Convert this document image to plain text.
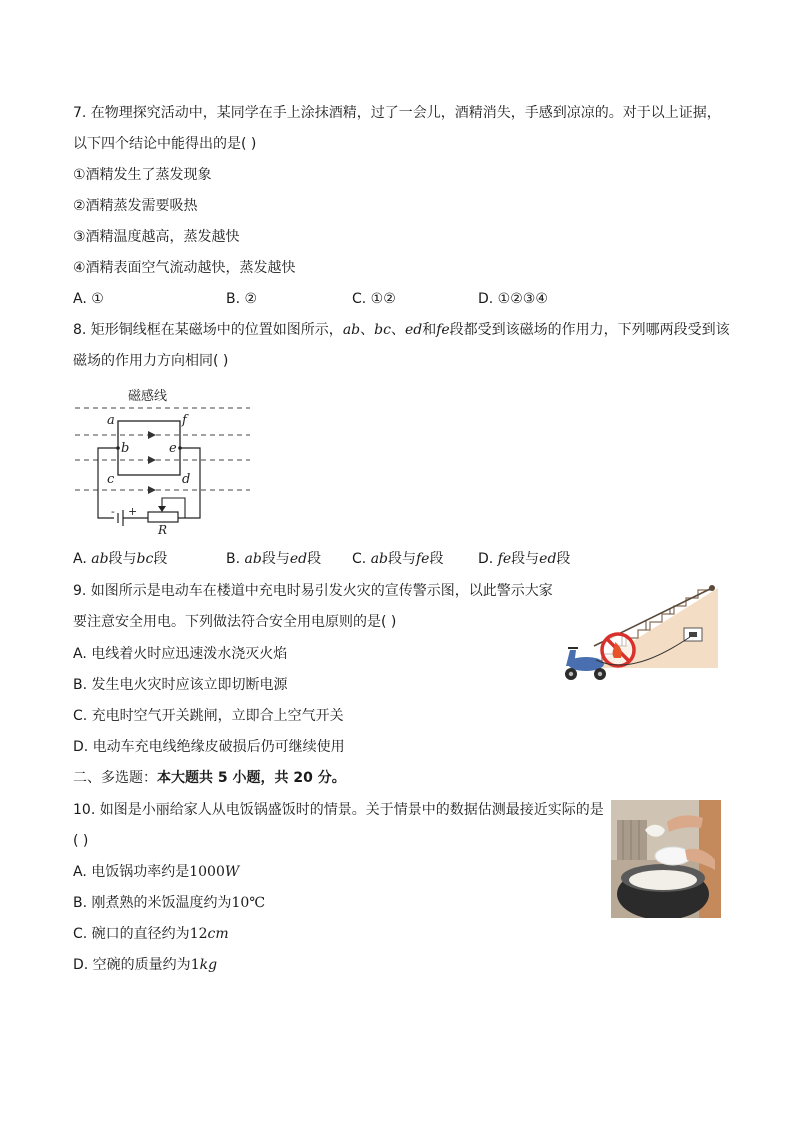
7. 在物理探究活动中，某同学在手上涂抹酒精，过了一会儿，酒精消失，手感到凉凉的。对于以上证据，
以下四个结论中能得出的是( )
①酒精发生了蒸发现象
②酒精蒸发需要吸热
③酒精温度越高，蒸发越快
④酒精表面空气流动越快，蒸发越快
A. ①	B. ②	C. ①②	D. ①②③④
8. 矩形铜线框在某磁场中的位置如图所示，ab、bc、ed和fe段都受到该磁场的作用力，下列哪两段受到该
磁场的作用力方向相同( )
磁感线
a	f
b	e
c	d
- +
R
A. ab段与bc段	B. ab段与ed段 C. ab段与fe段 D. fe段与ed段
9. 如图所示是电动车在楼道中充电时易引发火灾的宣传警示图，以此警示大家
要注意安全用电。下列做法符合安全用电原则的是( )
A. 电线着火时应迅速泼水浇灭火焰
B. 发生电火灾时应该立即切断电源
C. 充电时空气开关跳闸，立即合上空气开关
D. 电动车充电线绝缘皮破损后仍可继续使用
二、多选题：本大题共 5 小题，共 20 分。
10. 如图是小丽给家人从电饭锅盛饭时的情景。关于情景中的数据估测最接近实际的是
( )
A. 电饭锅功率约是1000W
B. 刚煮熟的米饭温度约为10℃
C. 碗口的直径约为12cm
D. 空碗的质量约为1kg
